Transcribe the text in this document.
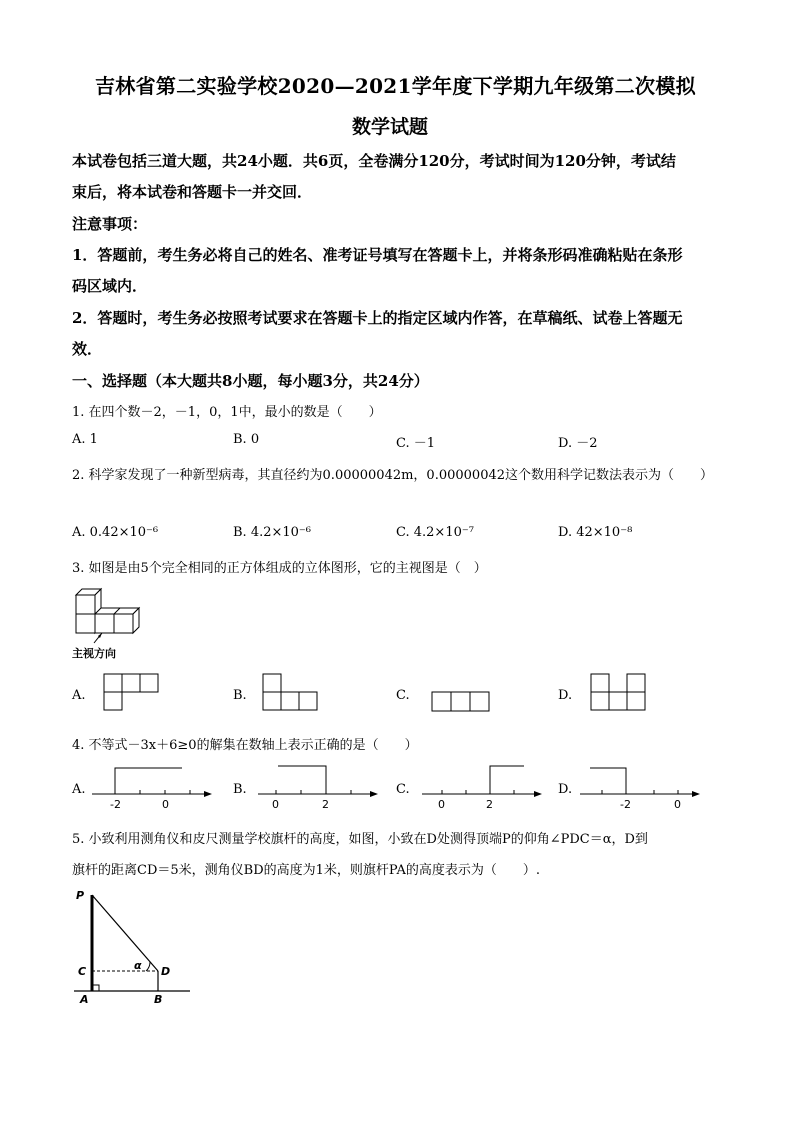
吉林省第二实验学校2020—2021学年度下学期九年级第二次模拟
数学试题
本试卷包括三道大题，共24小题．共6页，全卷满分120分，考试时间为120分钟，考试结
束后，将本试卷和答题卡一并交回．
注意事项：
1．答题前，考生务必将自己的姓名、准考证号填写在答题卡上，并将条形码准确粘贴在条形
码区域内．
2．答题时，考生务必按照考试要求在答题卡上的指定区域内作答，在草稿纸、试卷上答题无
效．
一、选择题（本大题共8小题，每小题3分，共24分）
1. 在四个数－2，－1，0，1中，最小的数是（　　）
A. 1	B. 0	C. －1	D. －2
2. 科学家发现了一种新型病毒，其直径约为0.00000042m，0.00000042这个数用科学记数法表示为（　　）
A. 0.42×10⁻⁶	B. 4.2×10⁻⁶	C. 4.2×10⁻⁷	D. 42×10⁻⁸
3. 如图是由5个完全相同的正方体组成的立体图形，它的主视图是（　）
主视方向
A.	B.	C.	D.
4. 不等式－3x＋6≥0的解集在数轴上表示正确的是（　　）
A.
-2	0
B.
0	2
C.
0	2
D.
-2	0
5. 小致利用测角仪和皮尺测量学校旗杆的高度，如图，小致在D处测得顶端P的仰角∠PDC＝α，D到
旗杆的距离CD＝5米，测角仪BD的高度为1米，则旗杆PA的高度表示为（　　）.
P
C
A	B
D
α
